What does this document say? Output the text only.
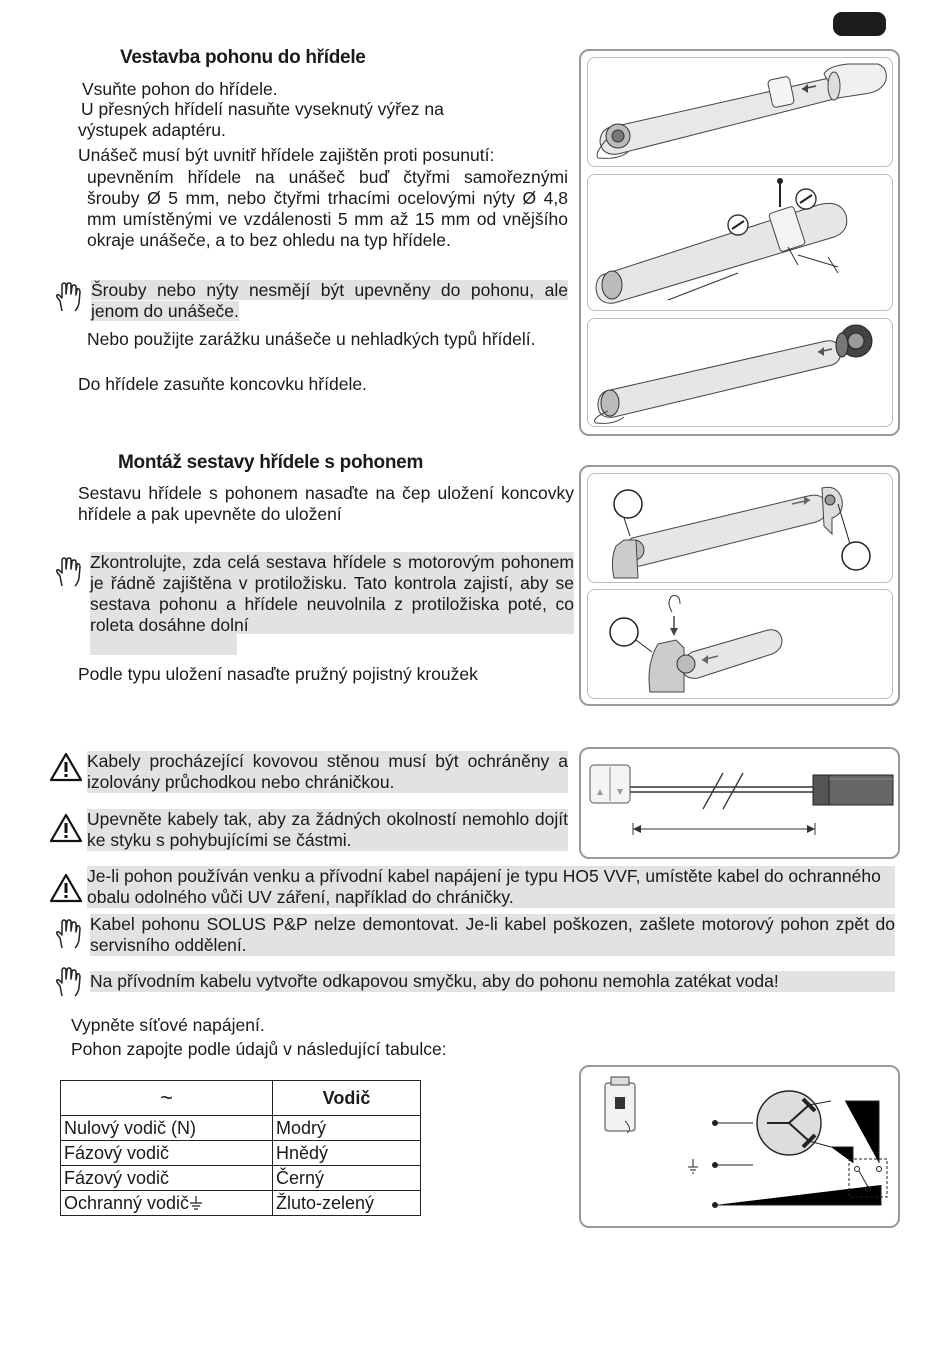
Vestavba pohonu do hřídele
Vsuňte pohon do hřídele.
U přesných hřídelí nasuňte vyseknutý výřez na
výstupek adaptéru.
Unášeč musí být uvnitř hřídele zajištěn proti posunutí:
upevněním hřídele na unášeč buď čtyřmi samořeznými šrouby Ø 5 mm, nebo čtyřmi trhacími ocelovými nýty Ø 4,8 mm umístěnými ve vzdálenosti 5 mm až 15 mm od vnějšího okraje unášeče, a to bez ohledu na typ hřídele.
Šrouby nebo nýty nesmějí být upevněny do pohonu, ale jenom do unášeče.
Nebo použijte zarážku unášeče u nehladkých typů hřídelí.
Do hřídele zasuňte koncovku hřídele.
Montáž sestavy hřídele s pohonem
Sestavu hřídele s pohonem nasaďte na čep uložení koncovky hřídele a pak upevněte do uložení
Zkontrolujte, zda celá sestava hřídele s motorovým pohonem je řádně zajištěna v protiložisku. Tato kontrola zajistí, aby se sestava pohonu a hřídele neuvolnila z protiložiska poté, co roleta dosáhne dolní
Podle typu uložení nasaďte pružný pojistný kroužek
Kabely procházející kovovou stěnou musí být ochráněny a izolovány průchodkou nebo chráničkou.
Upevněte kabely tak, aby za žádných okolností nemohlo dojít ke styku s pohybujícími se částmi.
Je-li pohon používán venku a přívodní kabel napájení je typu HO5 VVF, umístěte kabel do ochranného obalu odolného vůči UV záření, například do chráničky.
Kabel pohonu SOLUS P&P nelze demontovat. Je-li kabel poškozen, zašlete motorový pohon zpět do servisního oddělení.
Na přívodním kabelu vytvořte odkapovou smyčku, aby do pohonu nemohla zatékat voda!
Vypněte síťové napájení.
Pohon zapojte podle údajů v následující tabulce:
~	Vodič
Nulový vodič (N)	Modrý
Fázový vodič	Hnědý
Fázový vodič	Černý
Ochranný vodič	Žluto-zelený
